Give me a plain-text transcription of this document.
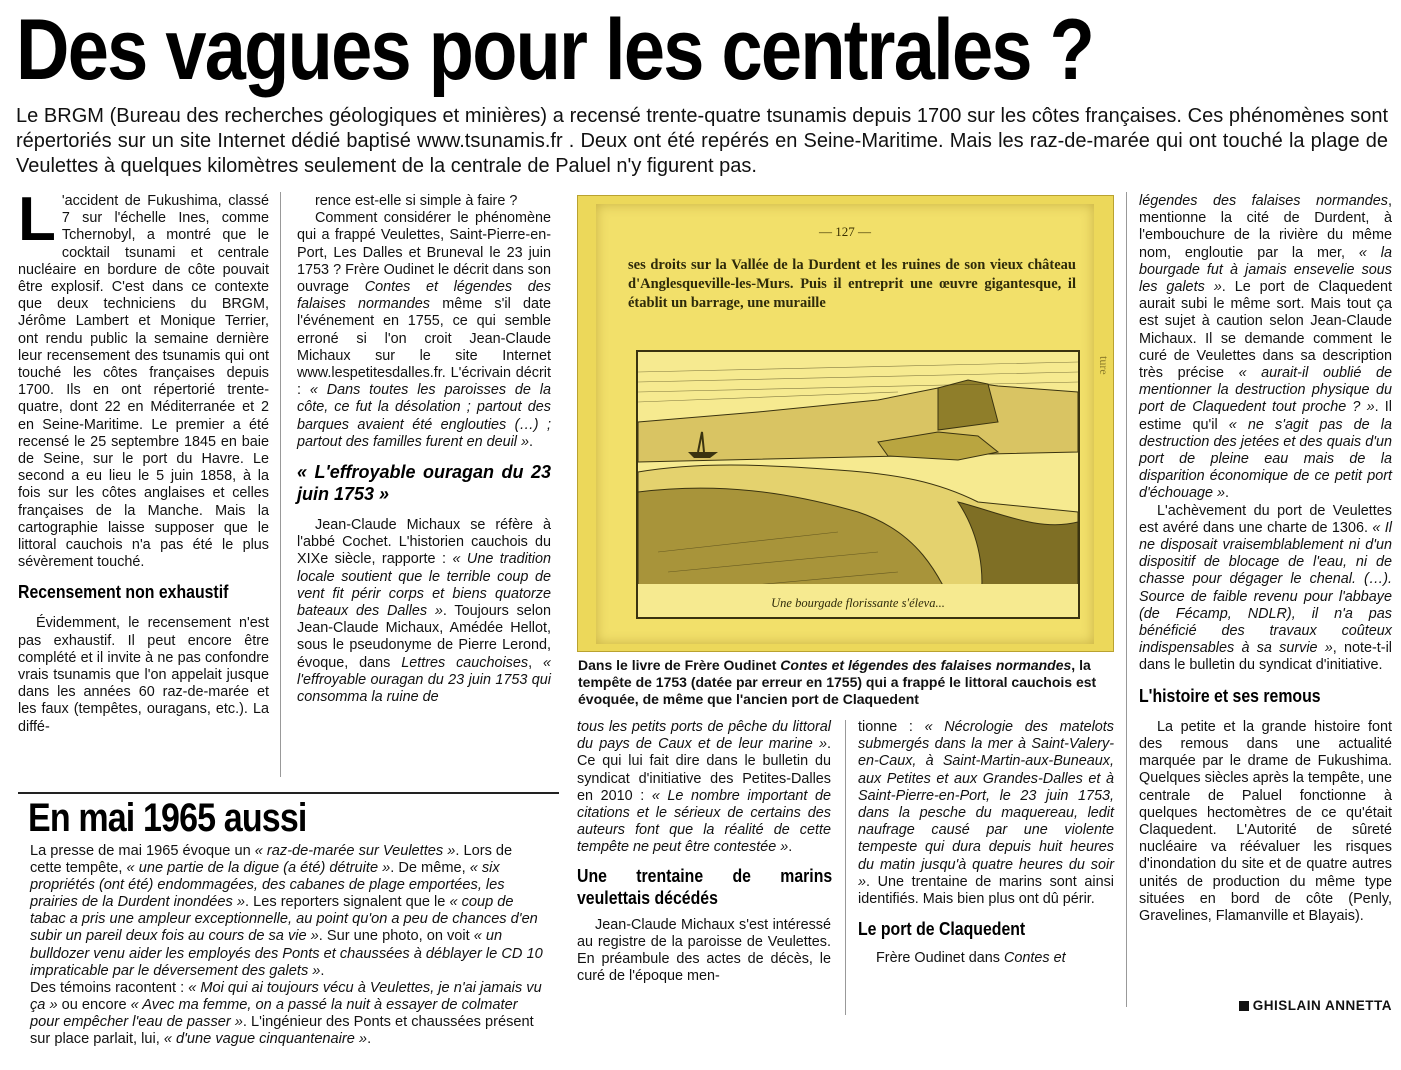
Des vagues pour les centrales ?
Le BRGM (Bureau des recherches géologiques et minières) a recensé trente-quatre tsunamis depuis 1700 sur les côtes françaises. Ces phénomènes sont répertoriés sur un site Internet dédié baptisé www.tsunamis.fr . Deux ont été repérés en Seine-Maritime. Mais les raz-de-marée qui ont touché la plage de Veulettes à quelques kilomètres seulement de la centrale de Paluel n'y figurent pas.
L 'accident de Fukushima, classé 7 sur l'échelle Ines, comme Tchernobyl, a montré que le cocktail tsunami et centrale nucléaire en bordure de côte pouvait être explosif. C'est dans ce contexte que deux techniciens du BRGM, Jérôme Lambert et Monique Terrier, ont rendu public la semaine dernière leur recensement des tsunamis qui ont touché les côtes françaises depuis 1700. Ils en ont répertorié trente-quatre, dont 22 en Méditerranée et 2 en Seine-Maritime. Le premier a été recensé le 25 septembre 1845 en baie de Seine, sur le port du Havre. Le second a eu lieu le 5 juin 1858, à la fois sur les côtes anglaises et celles françaises de la Manche. Mais la cartographie laisse supposer que le littoral cauchois n'a pas été le plus sévèrement touché.

Recensement non exhaustif

Évidemment, le recensement n'est pas exhaustif. Il peut encore être complété et il invite à ne pas confondre vrais tsunamis que l'on appelait jusque dans les années 60 raz-de-marée et les faux (tempêtes, ouragans, etc.). La diffé-

rence est-elle si simple à faire ?

Comment considérer le phénomène qui a frappé Veulettes, Saint-Pierre-en-Port, Les Dalles et Bruneval le 23 juin 1753 ? Frère Oudinet le décrit dans son ouvrage Contes et légendes des falaises normandes même s'il date l'événement en 1755, ce qui semble erroné si l'on croit Jean-Claude Michaux sur le site Internet www.lespetitesdalles.fr. L'écrivain décrit : « Dans toutes les paroisses de la côte, ce fut la désolation ; partout des barques avaient été englouties (…) ; partout des familles furent en deuil ».

« L'effroyable ouragan du 23 juin 1753 »

Jean-Claude Michaux se réfère à l'abbé Cochet. L'historien cauchois du XIXe siècle, rapporte : « Une tradition locale soutient que le terrible coup de vent fit périr corps et biens quatorze bateaux des Dalles ». Toujours selon Jean-Claude Michaux, Amédée Hellot, sous le pseudonyme de Pierre Lerond, évoque, dans Lettres cauchoises, « l'effroyable ouragan du 23 juin 1753 qui consomma la ruine de

— 127 —
ses droits sur la Vallée de la Durdent et les ruines de son vieux château d'Anglesqueville-les-Murs. Puis il entreprit une œuvre gigantesque, il établit un barrage, une muraille
Une bourgade florissante s'éleva...
ture
Dans le livre de Frère Oudinet Contes et légendes des falaises normandes, la tempête de 1753 (datée par erreur en 1755) qui a frappé le littoral cauchois est évoquée, de même que l'ancien port de Claquedent

tous les petits ports de pêche du littoral du pays de Caux et de leur marine ». Ce qui lui fait dire dans le bulletin du syndicat d'initiative des Petites-Dalles en 2010 : « Le nombre important de citations et le sérieux de certains des auteurs font que la réalité de cette tempête ne peut être contestée ».

Une trentaine de marins veulettais décédés

Jean-Claude Michaux s'est intéressé au registre de la paroisse de Veulettes. En préambule des actes de décès, le curé de l'époque men-

tionne : « Nécrologie des matelots submergés dans la mer à Saint-Valery-en-Caux, à Saint-Martin-aux-Buneaux, aux Petites et aux Grandes-Dalles et à Saint-Pierre-en-Port, le 23 juin 1753, dans la pesche du maquereau, ledit naufrage causé par une violente tempeste qui dura depuis huit heures du matin jusqu'à quatre heures du soir ». Une trentaine de marins sont ainsi identifiés. Mais bien plus ont dû périr.

Le port de Claquedent

Frère Oudinet dans Contes et

légendes des falaises normandes, mentionne la cité de Durdent, à l'embouchure de la rivière du même nom, engloutie par la mer, « la bourgade fut à jamais ensevelie sous les galets ». Le port de Claquedent aurait subi le même sort. Mais tout ça est sujet à caution selon Jean-Claude Michaux. Il se demande comment le curé de Veulettes dans sa description très précise « aurait-il oublié de mentionner la destruction physique du port de Claquedent tout proche ? ». Il estime qu'il « ne s'agit pas de la destruction des jetées et des quais d'un port de pleine eau mais de la disparition économique de ce petit port d'échouage ».

L'achèvement du port de Veulettes est avéré dans une charte de 1306. « Il ne disposait vraisemblablement ni d'un dispositif de blocage de l'eau, ni de chasse pour dégager le chenal. (…). Source de faible revenu pour l'abbaye (de Fécamp, NDLR), il n'a pas bénéficié des travaux coûteux indispensables à sa survie », note-t-il dans le bulletin du syndicat d'initiative.

L'histoire et ses remous

La petite et la grande histoire font des remous dans une actualité marquée par le drame de Fukushima. Quelques siècles après la tempête, une centrale de Paluel fonctionne à quelques hectomètres de ce qu'était Claquedent. L'Autorité de sûreté nucléaire va réévaluer les risques d'inondation du site et de quatre autres unités de production du même type situées en bord de côte (Penly, Gravelines, Flamanville et Blayais).

GHISLAIN ANNETTA
En mai 1965 aussi
La presse de mai 1965 évoque un « raz-de-marée sur Veulettes ». Lors de cette tempête, « une partie de la digue (a été) détruite ». De même, « six propriétés (ont été) endommagées, des cabanes de plage emportées, les prairies de la Durdent inondées ». Les reporters signalent que le « coup de tabac a pris une ampleur exceptionnelle, au point qu'on a peu de chances d'en subir un pareil deux fois au cours de sa vie ». Sur une photo, on voit « un bulldozer venu aider les employés des Ponts et chaussées à déblayer le CD 10 impraticable par le déversement des galets ».
Des témoins racontent : « Moi qui ai toujours vécu à Veulettes, je n'ai jamais vu ça » ou encore « Avec ma femme, on a passé la nuit à essayer de colmater pour empêcher l'eau de passer ». L'ingénieur des Ponts et chaussées présent sur place parlait, lui, « d'une vague cinquantenaire ».
